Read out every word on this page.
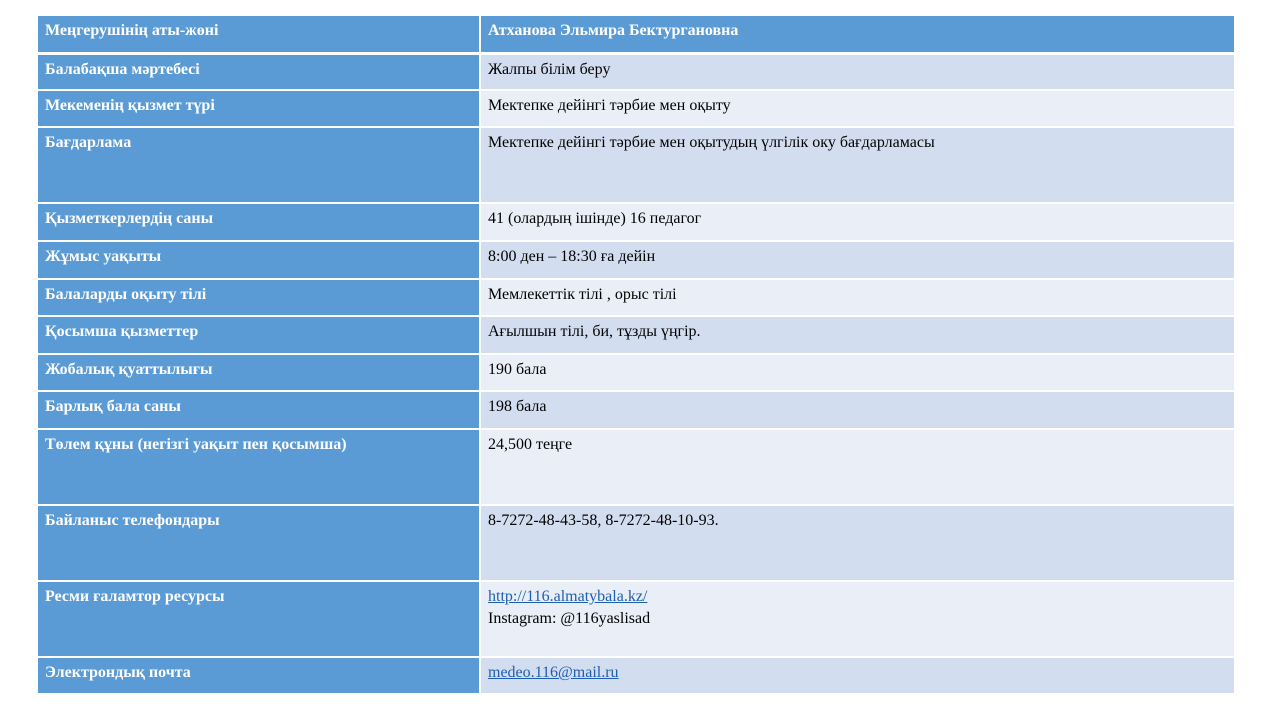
Меңгерушінің аты-жөні	Атханова Эльмира Бектургановна
Балабақша мәртебесі	Жалпы білім беру
Мекеменің қызмет түрі	Мектепке дейінгі тәрбие мен оқыту
Бағдарлама	Мектепке дейінгі тәрбие мен оқытудың үлгілік оку бағдарламасы
Қызметкерлердің саны	41 (олардың ішінде) 16 педагог
Жұмыс уақыты	8:00 ден – 18:30 ға дейін
Балаларды оқыту тілі	Мемлекеттік тілі , орыс тілі
Қосымша қызметтер	Ағылшын тілі, би, тұзды үңгір.
Жобалық қуаттылығы	190 бала
Барлық бала саны	198 бала
Төлем құны (негізгі уақыт пен қосымша)	24,500 теңге
Байланыс телефондары	8-7272-48-43-58, 8-7272-48-10-93.
Ресми ғаламтор ресурсы	http://116.almatybala.kz/
Instagram: @116yaslisad

Электрондық почта	medeo.116@mail.ru
